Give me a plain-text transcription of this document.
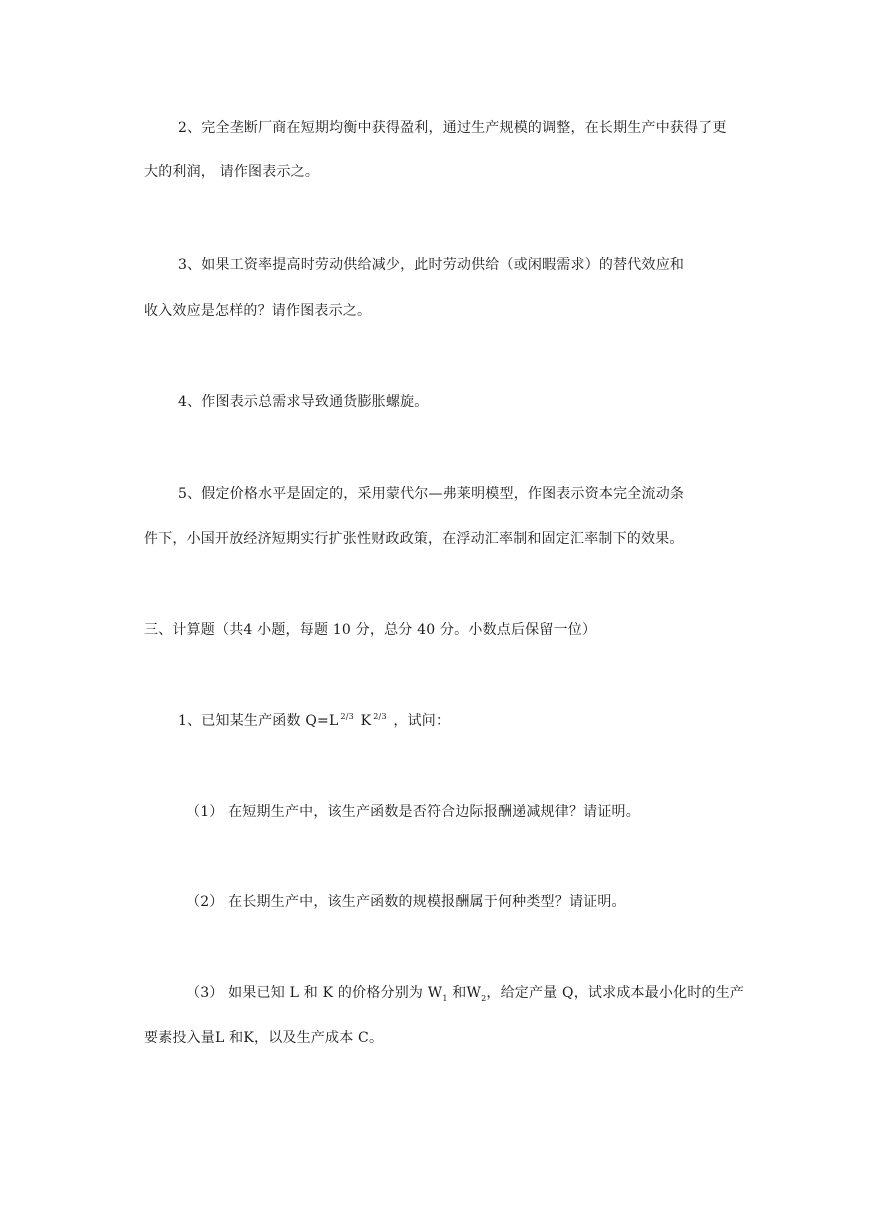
2、完全垄断厂商在短期均衡中获得盈利，通过生产规模的调整，在长期生产中获得了更
大的利润， 请作图表示之。
3、如果工资率提高时劳动供给减少，此时劳动供给（或闲暇需求）的替代效应和
收入效应是怎样的？请作图表示之。
4、作图表示总需求导致通货膨胀螺旋。
5、假定价格水平是固定的，采用蒙代尔—弗莱明模型，作图表示资本完全流动条
件下，小国开放经济短期实行扩张性财政政策，在浮动汇率制和固定汇率制下的效果。
三、计算题（共4 小题，每题 10 分，总分 40 分。小数点后保留一位）
1、已知某生产函数 Q=L $^{2/3}$ K $^{2/3}$ ，试问：
（1） 在短期生产中，该生产函数是否符合边际报酬递减规律？请证明。
（2） 在长期生产中，该生产函数的规模报酬属于何种类型？请证明。
（3） 如果已知 L 和 K 的价格分别为 $W_1$ 和$W_2$，给定产量 Q，试求成本最小化时的生产
要素投入量L 和K，以及生产成本 C。
